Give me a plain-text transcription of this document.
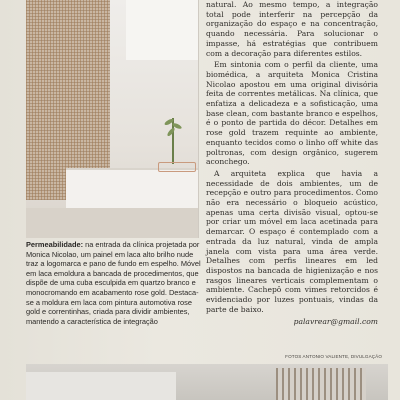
Permeabilidade: na entrada da clínica projetada por Monica Nicolao, um painel em laca alto brilho nude traz a logomarca e pano de fundo em espelho. Móvel em laca emoldura a bancada de procedimentos, que dispõe de uma cuba esculpida em quartzo branco e monocromando em acabamento rose gold. Destaca-se a moldura em laca com pintura automotiva rose gold e correntinhas, criada para dividir ambientes, mantendo a característica de integração

natural. Ao mesmo tempo, a integração total pode interferir na percepção da organização do espaço e na concentração, quando necessária. Para solucionar o impasse, há estratégias que contribuem com a decoração para diferentes estilos.

Em sintonia com o perfil da cliente, uma biomédica, a arquiteta Monica Cristina Nicolao apostou em uma original divisória feita de correntes metálicas. Na clínica, que enfatiza a delicadeza e a sofisticação, uma base clean, com bastante branco e espelhos, é o ponto de partida do décor. Detalhes em rose gold trazem requinte ao ambiente, enquanto tecidos como o linho off white das poltronas, com design orgânico, sugerem aconchego.

A arquiteta explica que havia a necessidade de dois ambientes, um de recepção e outro para procedimentos. Como não era necessário o bloqueio acústico, apenas uma certa divisão visual, optou-se por criar um móvel em laca acetinada para demarcar. O espaço é contemplado com a entrada da luz natural, vinda de ampla janela com vista para uma área verde. Detalhes com perfis lineares em led dispostos na bancada de higienização e nos rasgos lineares verticais complementam o ambiente. Cachepô com vimes retorcidos é evidenciado por luzes pontuais, vindas da parte de baixo.

palavrear@gmail.com

FOTOS ANTONIO VALIENTE, DIVULGAÇÃO
